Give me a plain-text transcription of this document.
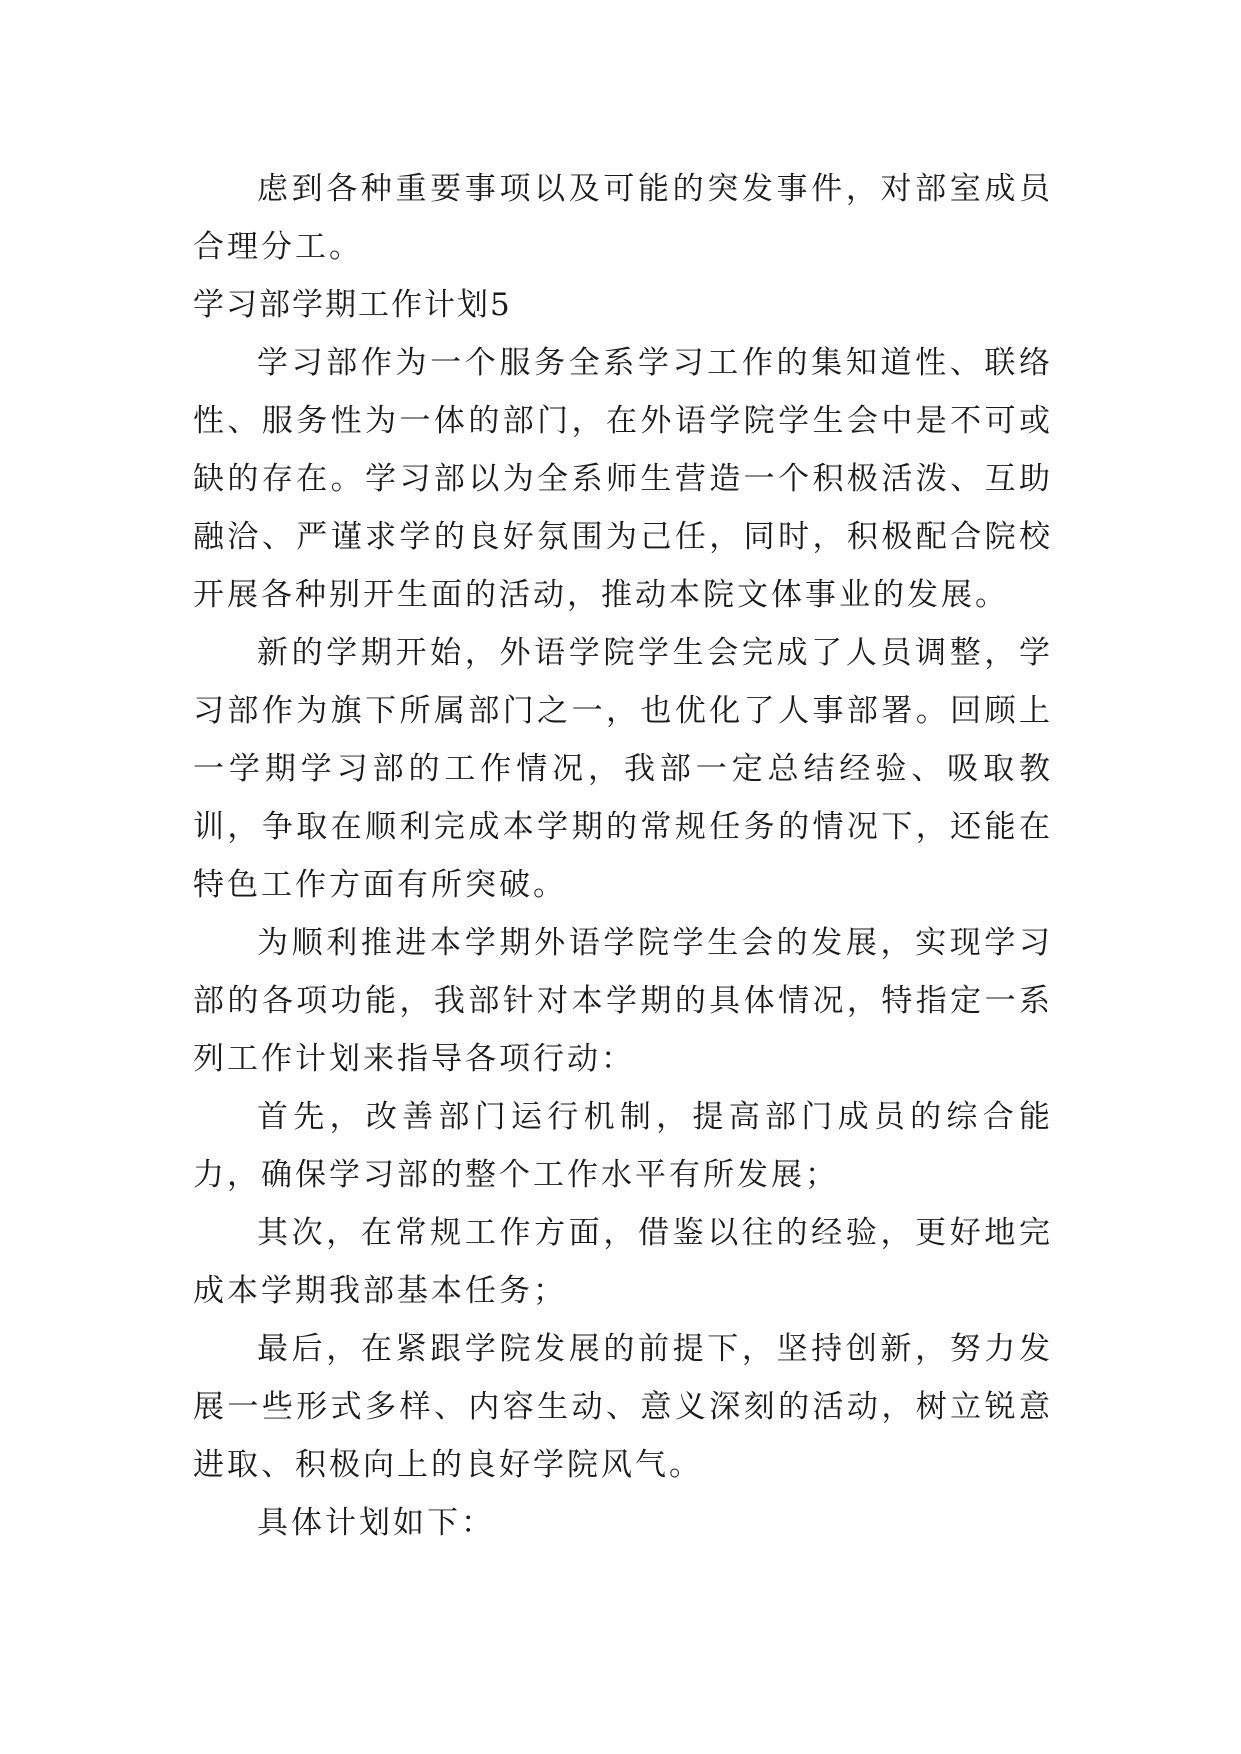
虑到各种重要事项以及可能的突发事件，对部室成员合理分工。

学习部学期工作计划5

学习部作为一个服务全系学习工作的集知道性、联络性、服务性为一体的部门，在外语学院学生会中是不可或缺的存在。学习部以为全系师生营造一个积极活泼、互助融洽、严谨求学的良好氛围为己任，同时，积极配合院校开展各种别开生面的活动，推动本院文体事业的发展。

新的学期开始，外语学院学生会完成了人员调整，学习部作为旗下所属部门之一，也优化了人事部署。回顾上一学期学习部的工作情况，我部一定总结经验、吸取教训，争取在顺利完成本学期的常规任务的情况下，还能在特色工作方面有所突破。

为顺利推进本学期外语学院学生会的发展，实现学习部的各项功能，我部针对本学期的具体情况，特指定一系列工作计划来指导各项行动：

首先，改善部门运行机制，提高部门成员的综合能力，确保学习部的整个工作水平有所发展；

其次，在常规工作方面，借鉴以往的经验，更好地完成本学期我部基本任务；

最后，在紧跟学院发展的前提下，坚持创新，努力发展一些形式多样、内容生动、意义深刻的活动，树立锐意进取、积极向上的良好学院风气。

具体计划如下：
